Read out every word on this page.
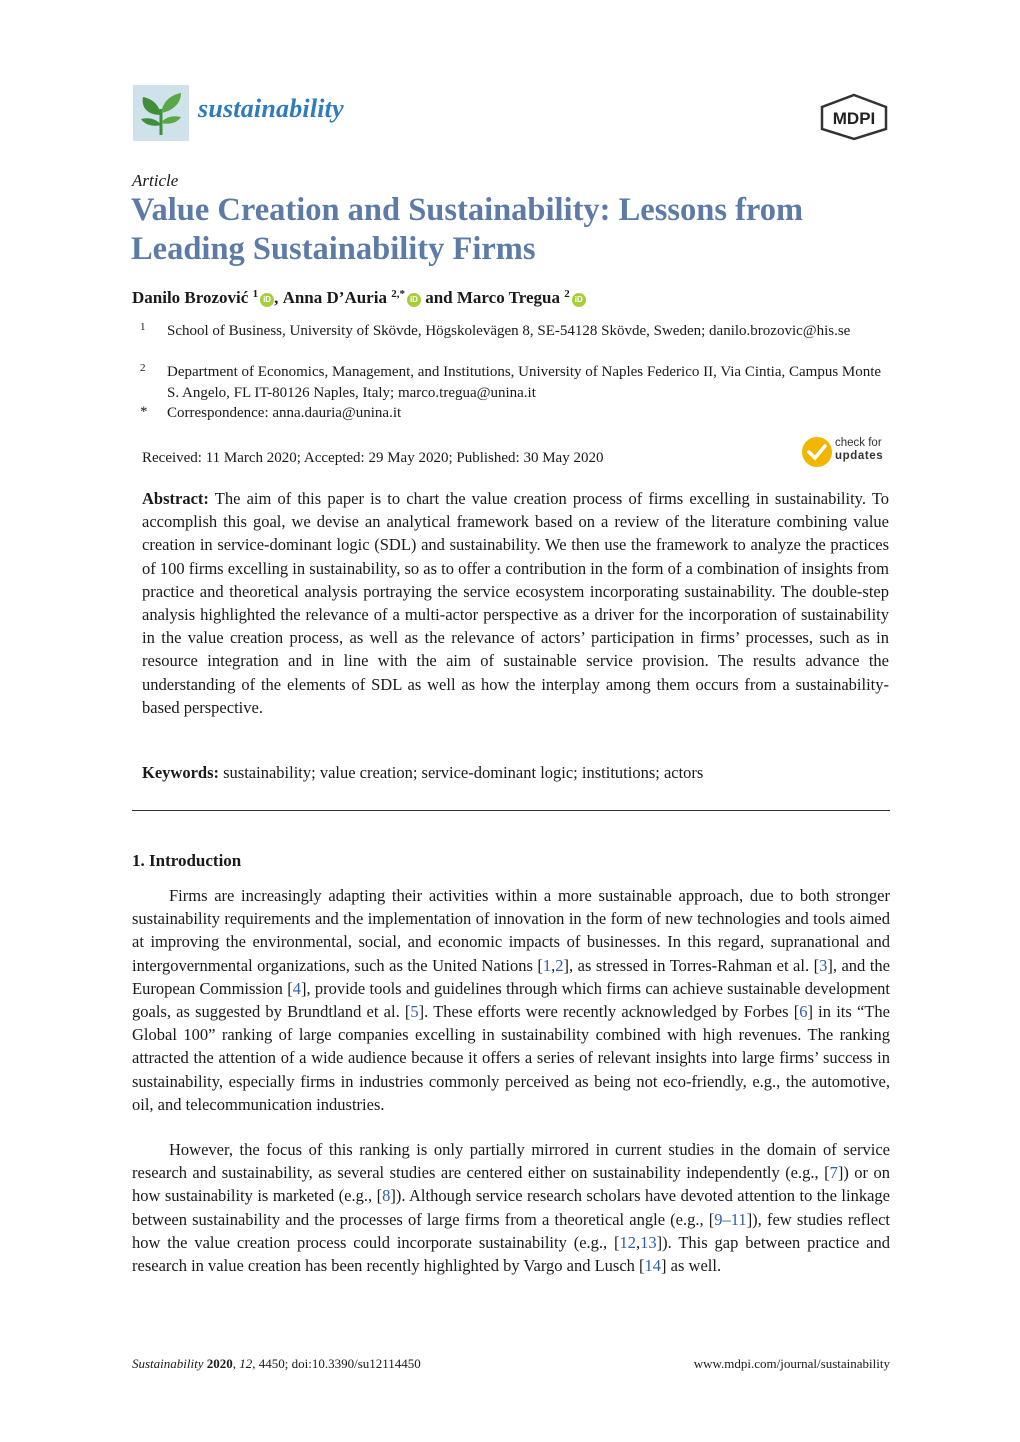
sustainability	MDPI
Article
Value Creation and Sustainability: Lessons from Leading Sustainability Firms
Danilo Brozović $^1$ iD , Anna D’Auria $^{2,*}$ iD and Marco Tregua $^2$ iD
1 School of Business, University of Skövde, Högskolevägen 8, SE-54128 Skövde, Sweden; danilo.brozovic@his.se
2 Department of Economics, Management, and Institutions, University of Naples Federico II, Via Cintia, Campus Monte S. Angelo, FL IT-80126 Naples, Italy; marco.tregua@unina.it
* Correspondence: anna.dauria@unina.it
Received: 11 March 2020; Accepted: 29 May 2020; Published: 30 May 2020
check for
updates
Abstract: The aim of this paper is to chart the value creation process of firms excelling in sustainability. To accomplish this goal, we devise an analytical framework based on a review of the literature combining value creation in service-dominant logic (SDL) and sustainability. We then use the framework to analyze the practices of 100 firms excelling in sustainability, so as to offer a contribution in the form of a combination of insights from practice and theoretical analysis portraying the service ecosystem incorporating sustainability. The double-step analysis highlighted the relevance of a multi-actor perspective as a driver for the incorporation of sustainability in the value creation process, as well as the relevance of actors’ participation in firms’ processes, such as in resource integration and in line with the aim of sustainable service provision. The results advance the understanding of the elements of SDL as well as how the interplay among them occurs from a sustainability-based perspective.
Keywords: sustainability; value creation; service-dominant logic; institutions; actors
1. Introduction
Firms are increasingly adapting their activities within a more sustainable approach, due to both stronger sustainability requirements and the implementation of innovation in the form of new technologies and tools aimed at improving the environmental, social, and economic impacts of businesses. In this regard, supranational and intergovernmental organizations, such as the United Nations [1,2], as stressed in Torres-Rahman et al. [3], and the European Commission [4], provide tools and guidelines through which firms can achieve sustainable development goals, as suggested by Brundtland et al. [5]. These efforts were recently acknowledged by Forbes [6] in its “The Global 100” ranking of large companies excelling in sustainability combined with high revenues. The ranking attracted the attention of a wide audience because it offers a series of relevant insights into large firms’ success in sustainability, especially firms in industries commonly perceived as being not eco-friendly, e.g., the automotive, oil, and telecommunication industries.
However, the focus of this ranking is only partially mirrored in current studies in the domain of service research and sustainability, as several studies are centered either on sustainability independently (e.g., [7]) or on how sustainability is marketed (e.g., [8]). Although service research scholars have devoted attention to the linkage between sustainability and the processes of large firms from a theoretical angle (e.g., [9–11]), few studies reflect how the value creation process could incorporate sustainability (e.g., [12,13]). This gap between practice and research in value creation has been recently highlighted by Vargo and Lusch [14] as well.
Sustainability 2020, 12, 4450; doi:10.3390/su12114450	www.mdpi.com/journal/sustainability
